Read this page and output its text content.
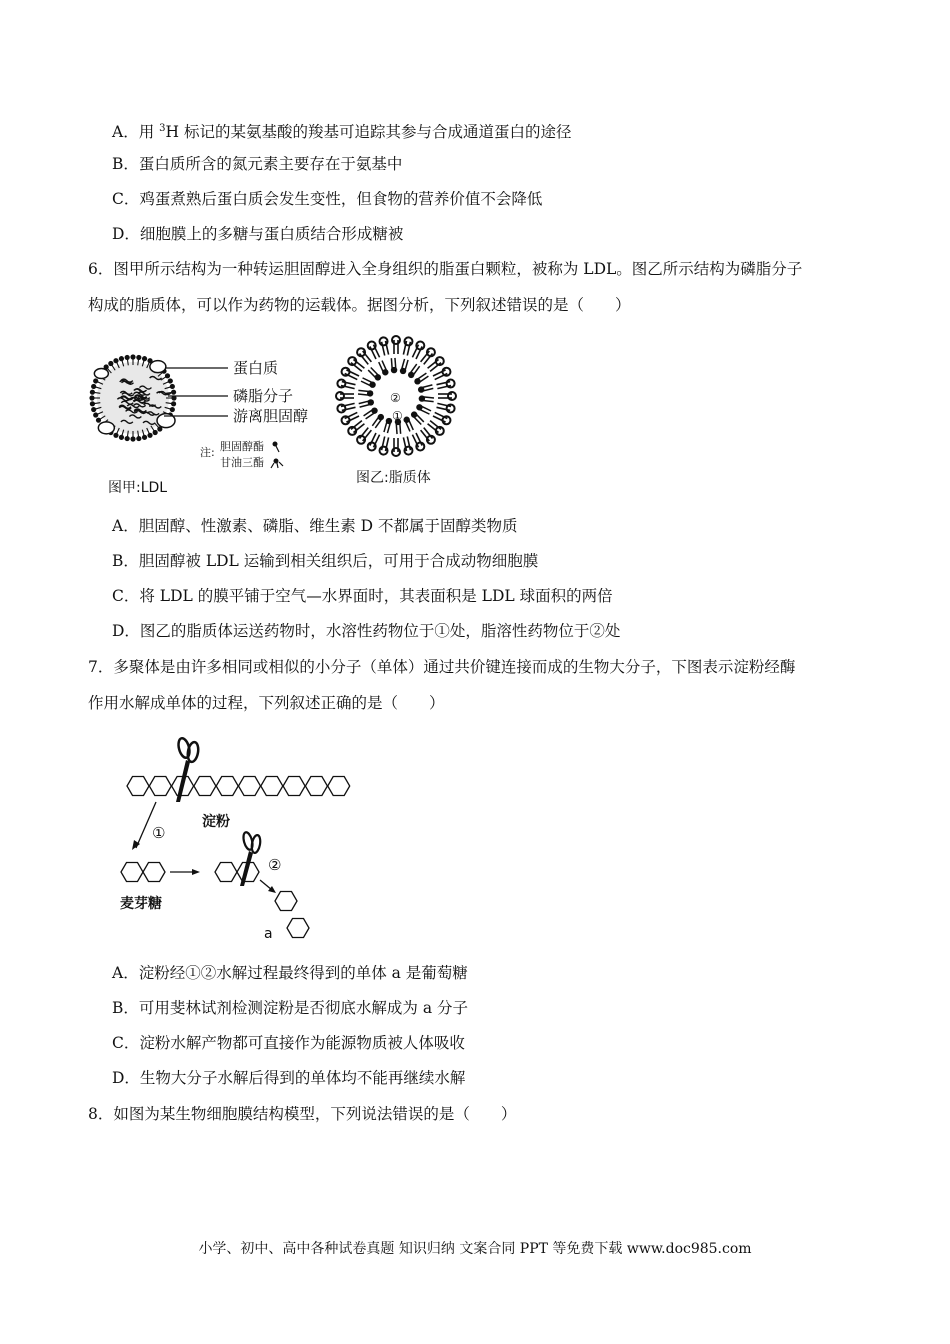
A．用 $^3$H 标记的某氨基酸的羧基可追踪其参与合成通道蛋白的途径
B．蛋白质所含的氮元素主要存在于氨基中
C．鸡蛋煮熟后蛋白质会发生变性，但食物的营养价值不会降低
D．细胞膜上的多糖与蛋白质结合形成糖被
6．图甲所示结构为一种转运胆固醇进入全身组织的脂蛋白颗粒，被称为 LDL。图乙所示结构为磷脂分子
构成的脂质体，可以作为药物的运载体。据图分析，下列叙述错误的是（　　）
蛋白质
磷脂分子
游离胆固醇
注: 胆固醇酯
甘油三酯
图甲:LDL
②
①
图乙:脂质体
A．胆固醇、性激素、磷脂、维生素 D 不都属于固醇类物质
B．胆固醇被 LDL 运输到相关组织后，可用于合成动物细胞膜
C．将 LDL 的膜平铺于空气—水界面时，其表面积是 LDL 球面积的两倍
D．图乙的脂质体运送药物时，水溶性药物位于①处，脂溶性药物位于②处
7．多聚体是由许多相同或相似的小分子（单体）通过共价键连接而成的生物大分子，下图表示淀粉经酶
作用水解成单体的过程，下列叙述正确的是（　　）
淀粉
①
麦芽糖
②
a
A．淀粉经①②水解过程最终得到的单体 a 是葡萄糖
B．可用斐林试剂检测淀粉是否彻底水解成为 a 分子
C．淀粉水解产物都可直接作为能源物质被人体吸收
D．生物大分子水解后得到的单体均不能再继续水解
8．如图为某生物细胞膜结构模型，下列说法错误的是（　　）
小学、初中、高中各种试卷真题 知识归纳 文案合同 PPT 等免费下载 www.doc985.com
